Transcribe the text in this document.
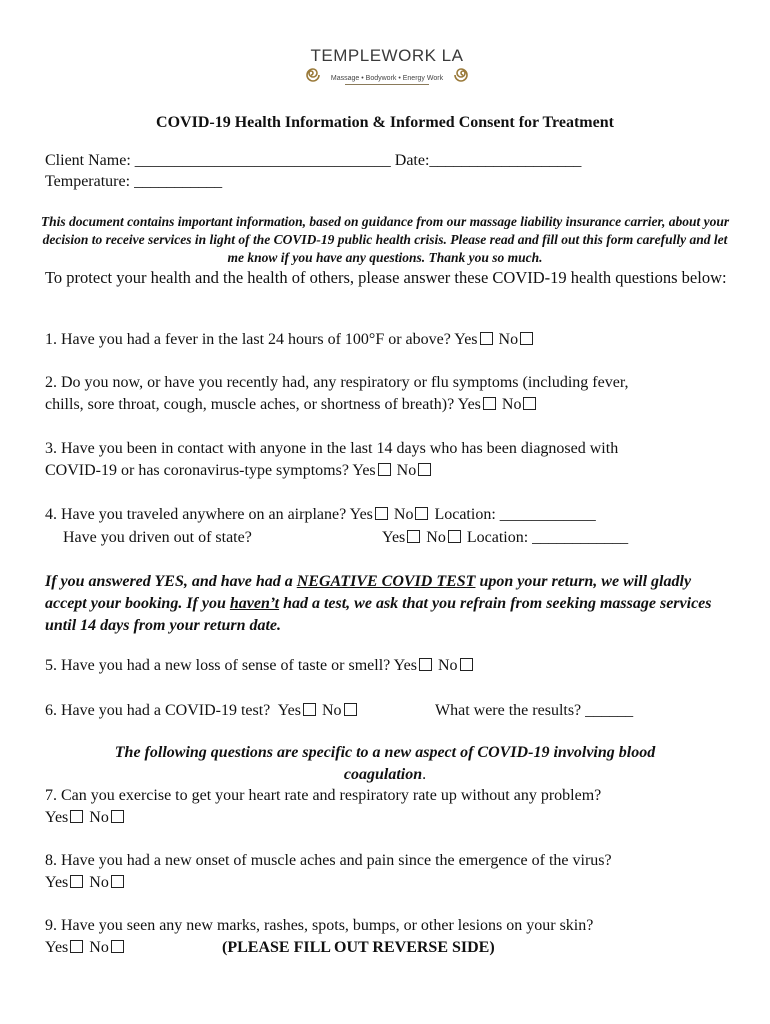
TEMPLEWORK LA
Massage • Bodywork • Energy Work
COVID-19 Health Information & Informed Consent for Treatment
Client Name: ________________________________ Date:___________________
Temperature: ___________
This document contains important information, based on guidance from our massage liability insurance carrier, about your decision to receive services in light of the COVID-19 public health crisis. Please read and fill out this form carefully and let me know if you have any questions. Thank you so much.
To protect your health and the health of others, please answer these COVID-19 health questions below:
1. Have you had a fever in the last 24 hours of 100°F or above? Yes No
2. Do you now, or have you recently had, any respiratory or flu symptoms (including fever,
chills, sore throat, cough, muscle aches, or shortness of breath)? Yes No
3. Have you been in contact with anyone in the last 14 days who has been diagnosed with
COVID-19 or has coronavirus-type symptoms? Yes No
4. Have you traveled anywhere on an airplane? Yes No Location: ____________
Have you driven out of state?	Yes No Location: ____________
If you answered YES, and have had a NEGATIVE COVID TEST upon your return, we will gladly accept your booking. If you haven’t had a test, we ask that you refrain from seeking massage services until 14 days from your return date.
5. Have you had a new loss of sense of taste or smell? Yes No
6. Have you had a COVID-19 test? Yes No	What were the results? ______
The following questions are specific to a new aspect of COVID-19 involving blood
coagulation.
7. Can you exercise to get your heart rate and respiratory rate up without any problem?
Yes No
8. Have you had a new onset of muscle aches and pain since the emergence of the virus?
Yes No
9. Have you seen any new marks, rashes, spots, bumps, or other lesions on your skin?
Yes No	(PLEASE FILL OUT REVERSE SIDE)
